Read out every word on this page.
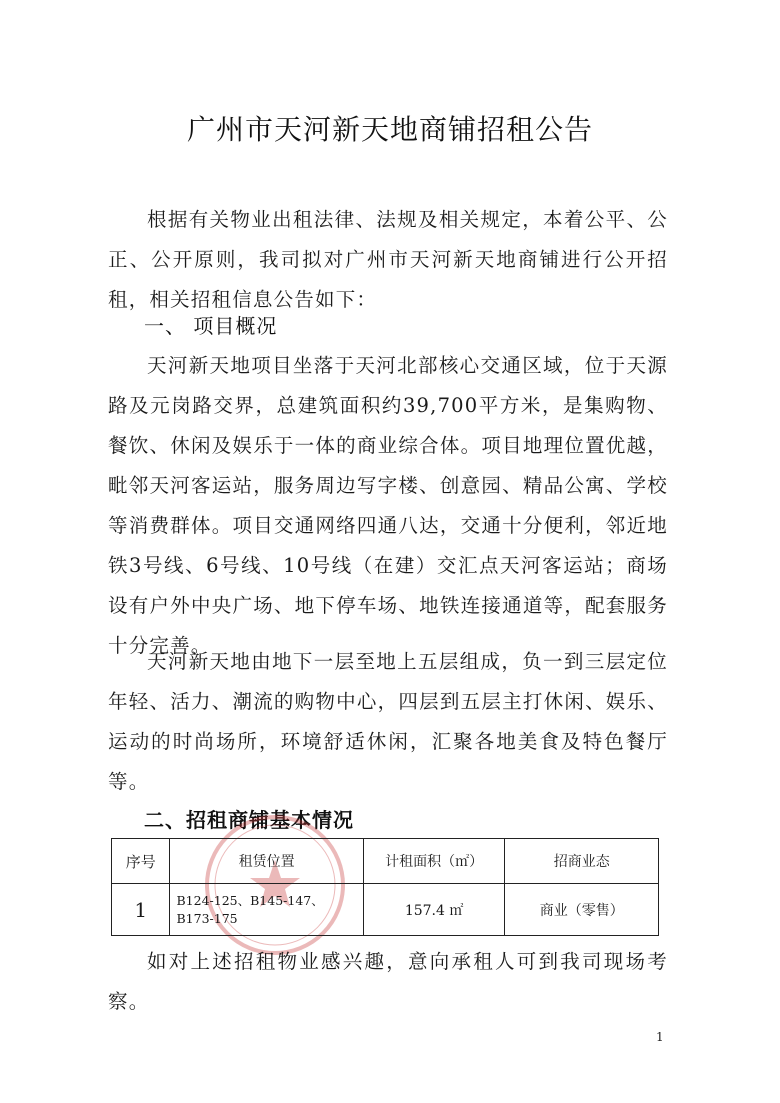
广州市天河新天地商铺招租公告

根据有关物业出租法律、法规及相关规定，本着公平、公正、公开原则，我司拟对广州市天河新天地商铺进行公开招租，相关招租信息公告如下：

一、 项目概况

天河新天地项目坐落于天河北部核心交通区域，位于天源路及元岗路交界，总建筑面积约39,700平方米，是集购物、餐饮、休闲及娱乐于一体的商业综合体。项目地理位置优越，毗邻天河客运站，服务周边写字楼、创意园、精品公寓、学校等消费群体。项目交通网络四通八达，交通十分便利，邻近地铁3号线、6号线、10号线（在建）交汇点天河客运站；商场设有户外中央广场、地下停车场、地铁连接通道等，配套服务十分完善。

天河新天地由地下一层至地上五层组成，负一到三层定位年轻、活力、潮流的购物中心，四层到五层主打休闲、娱乐、运动的时尚场所，环境舒适休闲，汇聚各地美食及特色餐厅等。

二、招租商铺基本情况
序号	租赁位置	计租面积（㎡）	招商业态
1	B124-125、B145-147、
B173-175	157.4 ㎡	商业（零售）

如对上述招租物业感兴趣，意向承租人可到我司现场考察。

1
